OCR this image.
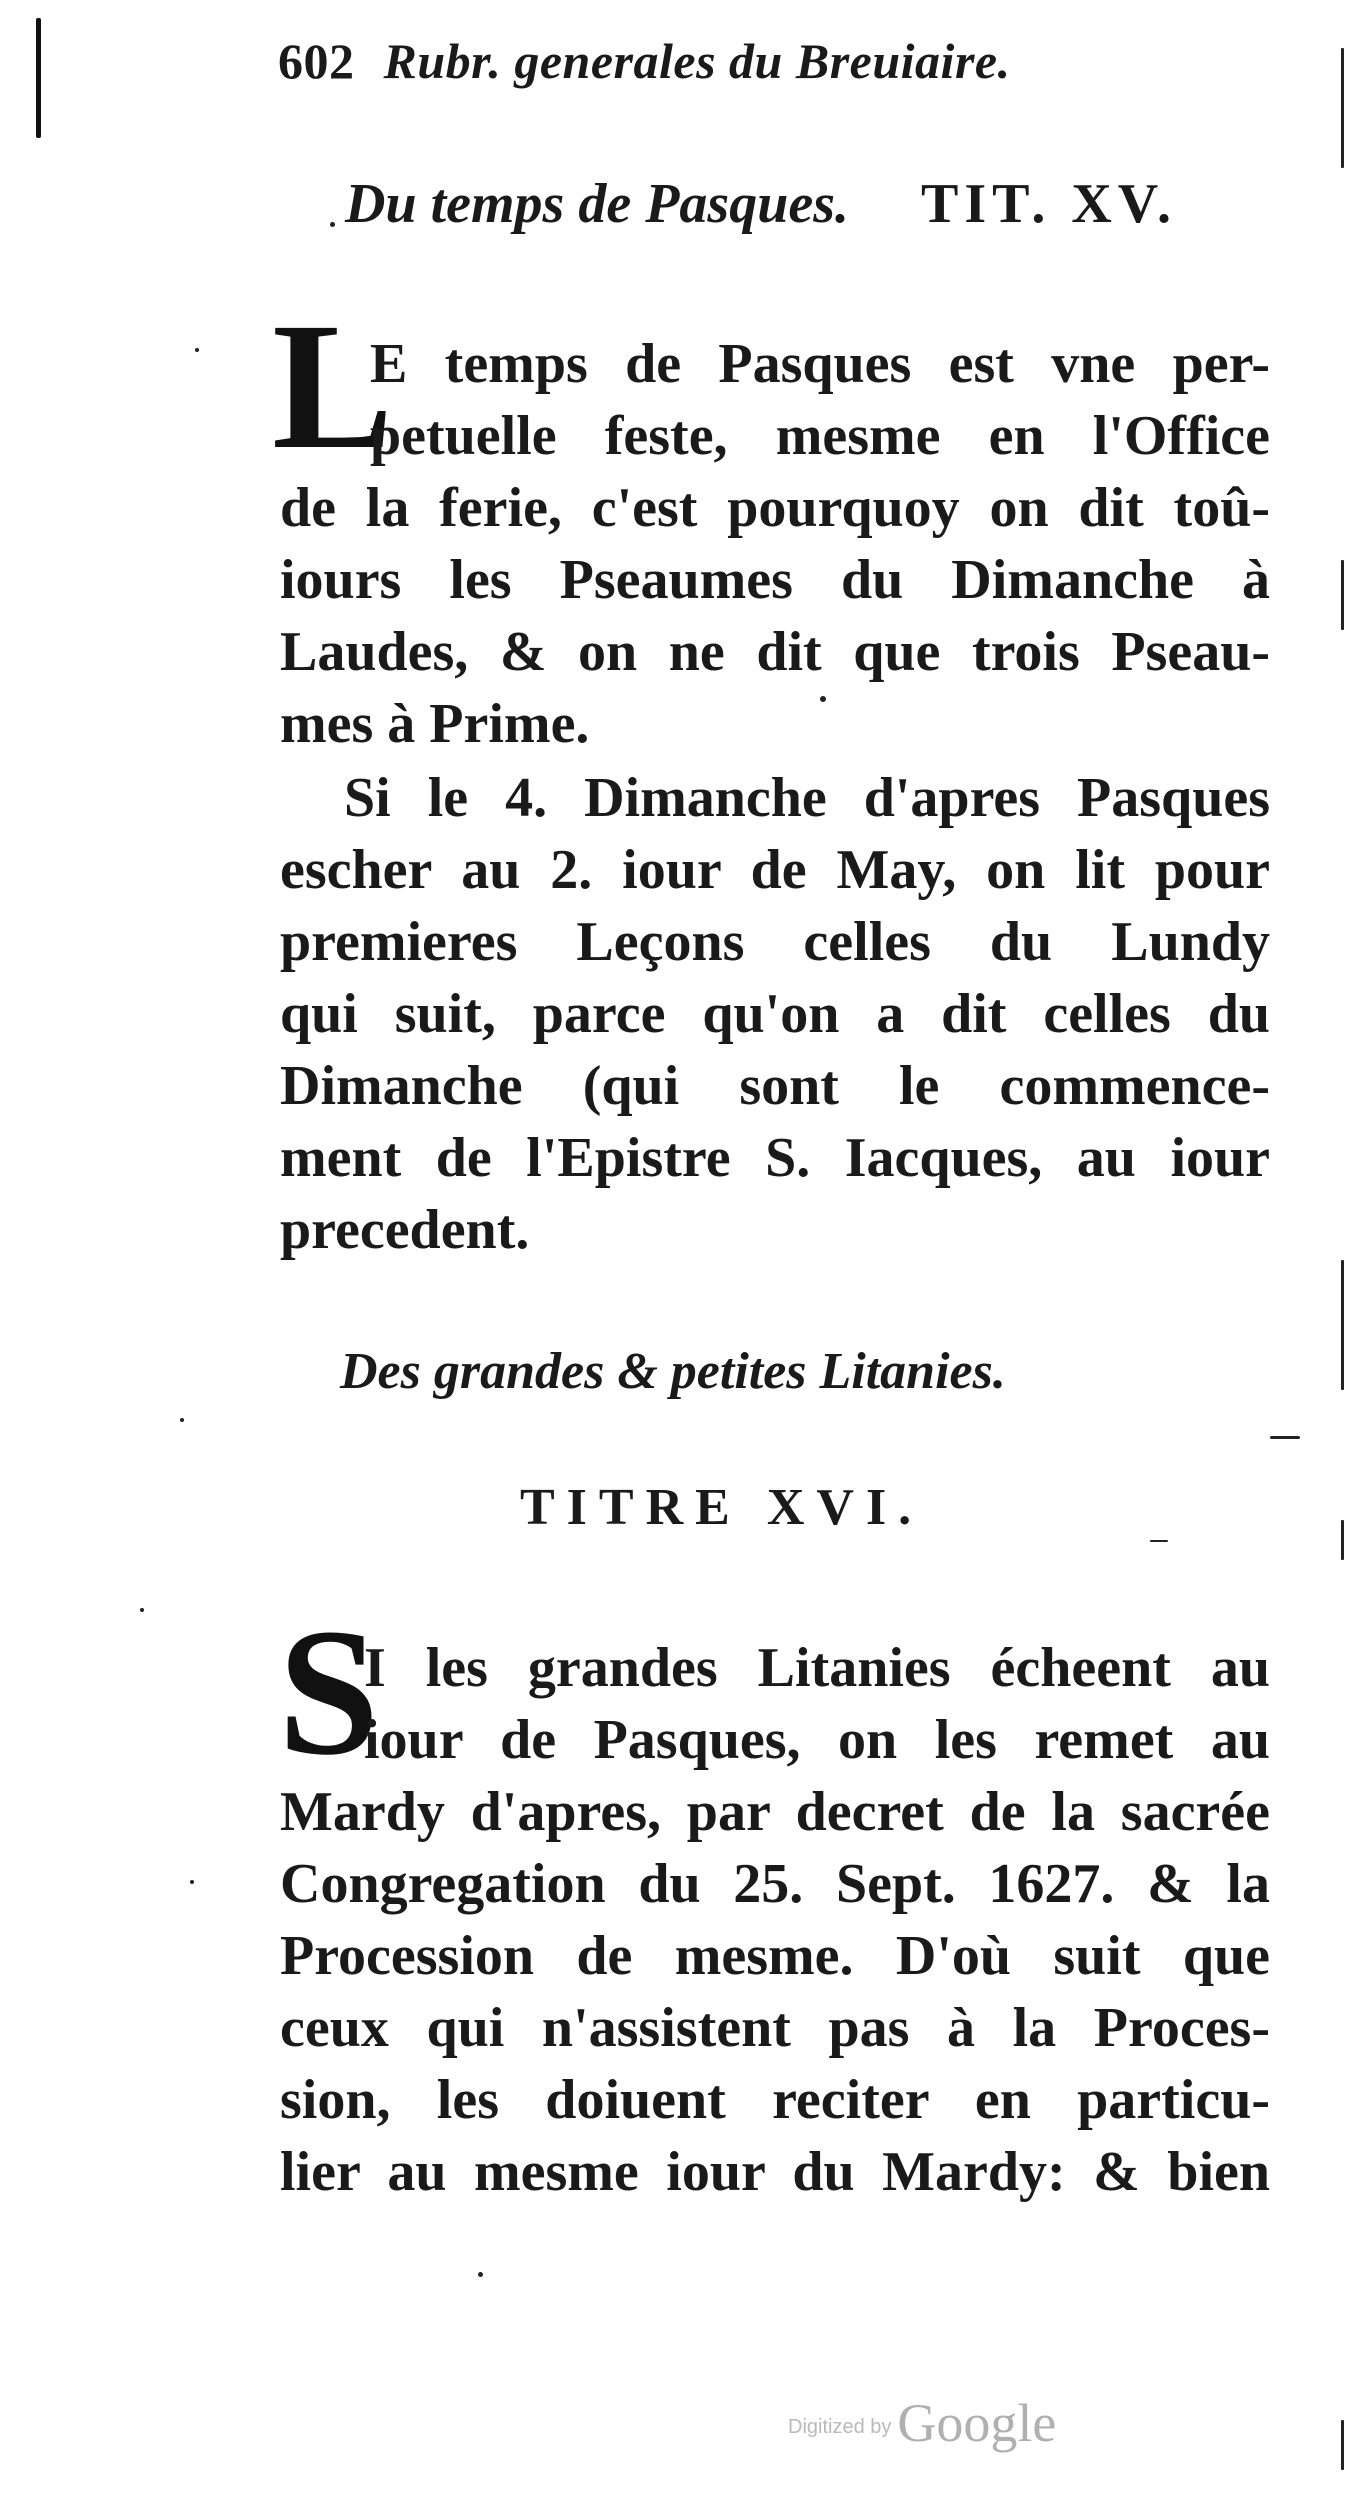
602 Rubr. generales du Breuiaire.
Du temps de Pasques. TIT. XV.
L
E temps de Pasques est vne per-
petuelle feste, mesme en l'Office
de la ferie, c'est pourquoy on dit toû-
iours les Pseaumes du Dimanche à
Laudes, & on ne dit que trois Pseau-
mes à Prime.
Si le 4. Dimanche d'apres Pasques
escher au 2. iour de May, on lit pour
premieres Leçons celles du Lundy
qui suit, parce qu'on a dit celles du
Dimanche (qui sont le commence-
ment de l'Epistre S. Iacques, au iour
precedent.
Des grandes & petites Litanies.
TITRE XVI.
S
I les grandes Litanies écheent au
iour de Pasques, on les remet au
Mardy d'apres, par decret de la sacrée
Congregation du 25. Sept. 1627. & la
Procession de mesme. D'où suit que
ceux qui n'assistent pas à la Proces-
sion, les doiuent reciter en particu-
lier au mesme iour du Mardy: & bien
Digitized by Google
